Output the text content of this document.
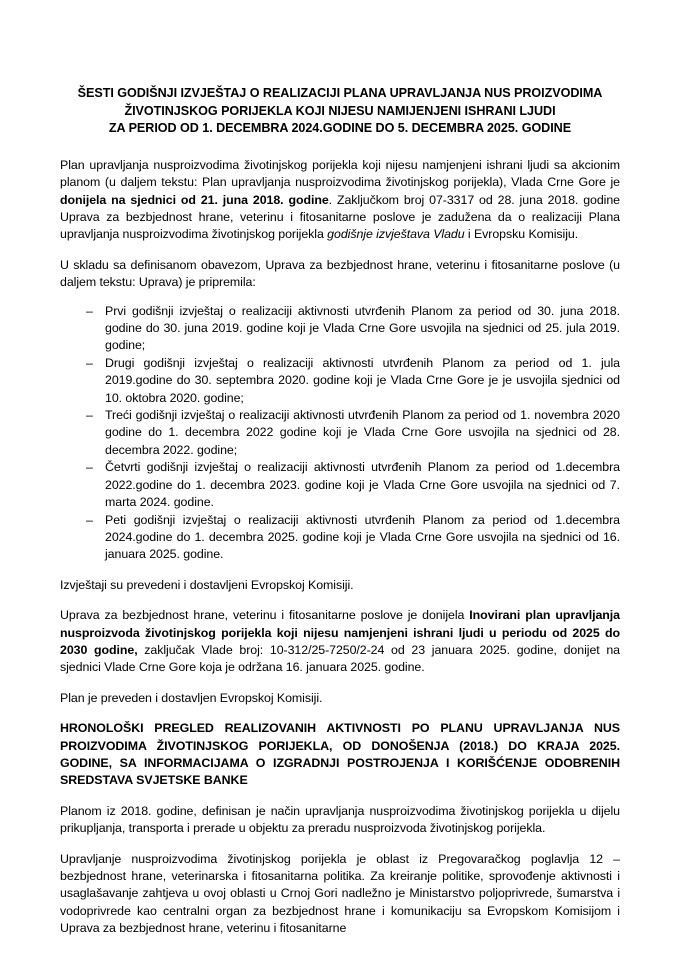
ŠESTI GODIŠNJI IZVJEŠTAJ O REALIZACIJI PLANA UPRAVLJANJA NUS PROIZVODIMA
ŽIVOTINJSKOG PORIJEKLA KOJI NIJESU NAMIJENJENI ISHRANI LJUDI
ZA PERIOD OD 1. DECEMBRA 2024.GODINE DO 5. DECEMBRA 2025. GODINE

Plan upravljanja nusproizvodima životinjskog porijekla koji nijesu namjenjeni ishrani ljudi sa akcionim planom (u daljem tekstu: Plan upravljanja nusproizvodima životinjskog porijekla), Vlada Crne Gore je donijela na sjednici od 21. juna 2018. godine. Zaključkom broj 07-3317 od 28. juna 2018. godine Uprava za bezbjednost hrane, veterinu i fitosanitarne poslove je zadužena da o realizaciji Plana upravljanja nusproizvodima životinjskog porijekla godišnje izvještava Vladu i Evropsku Komisiju.

U skladu sa definisanom obavezom, Uprava za bezbjednost hrane, veterinu i fitosanitarne poslove (u daljem tekstu: Uprava) je pripremila:

– Prvi godišnji izvještaj o realizaciji aktivnosti utvrđenih Planom za period od 30. juna 2018. godine do 30. juna 2019. godine koji je Vlada Crne Gore usvojila na sjednici od 25. jula 2019. godine;
– Drugi godišnji izvještaj o realizaciji aktivnosti utvrđenih Planom za period od 1. jula 2019.godine do 30. septembra 2020. godine koji je Vlada Crne Gore je je usvojila sjednici od 10. oktobra 2020. godine;
– Treći godišnji izvještaj o realizaciji aktivnosti utvrđenih Planom za period od 1. novembra 2020 godine do 1. decembra 2022 godine koji je Vlada Crne Gore usvojila na sjednici od 28. decembra 2022. godine;
– Četvrti godišnji izvještaj o realizaciji aktivnosti utvrđenih Planom za period od 1.decembra 2022.godine do 1. decembra 2023. godine koji je Vlada Crne Gore usvojila na sjednici od 7. marta 2024. godine.
– Peti godišnji izvještaj o realizaciji aktivnosti utvrđenih Planom za period od 1.decembra 2024.godine do 1. decembra 2025. godine koji je Vlada Crne Gore usvojila na sjednici od 16. januara 2025. godine.

Izvještaji su prevedeni i dostavljeni Evropskoj Komisiji.

Uprava za bezbjednost hrane, veterinu i fitosanitarne poslove je donijela Inovirani plan upravljanja nusproizvoda životinjskog porijekla koji nijesu namjenjeni ishrani ljudi u periodu od 2025 do 2030 godine, zaključak Vlade broj: 10-312/25-7250/2-24 od 23 januara 2025. godine, donijet na sjednici Vlade Crne Gore koja je održana 16. januara 2025. godine.

Plan je preveden i dostavljen Evropskoj Komisiji.

HRONOLOŠKI PREGLED REALIZOVANIH AKTIVNOSTI PO PLANU UPRAVLJANJA NUS PROIZVODIMA ŽIVOTINJSKOG PORIJEKLA, OD DONOŠENJA (2018.) DO KRAJA 2025. GODINE, SA INFORMACIJAMA O IZGRADNJI POSTROJENJA I KORIŠĆENJE ODOBRENIH SREDSTAVA SVJETSKE BANKE

Planom iz 2018. godine, definisan je način upravljanja nusproizvodima životinjskog porijekla u dijelu prikupljanja, transporta i prerade u objektu za preradu nusproizvoda životinjskog porijekla.

Upravljanje nusproizvodima životinjskog porijekla je oblast iz Pregovaračkog poglavlja 12 – bezbjednost hrane, veterinarska i fitosanitarna politika. Za kreiranje politike, sprovođenje aktivnosti i usaglašavanje zahtjeva u ovoj oblasti u Crnoj Gori nadležno je Ministarstvo poljoprivrede, šumarstva i vodoprivrede kao centralni organ za bezbjednost hrane i komunikaciju sa Evropskom Komisijom i Uprava za bezbjednost hrane, veterinu i fitosanitarne
